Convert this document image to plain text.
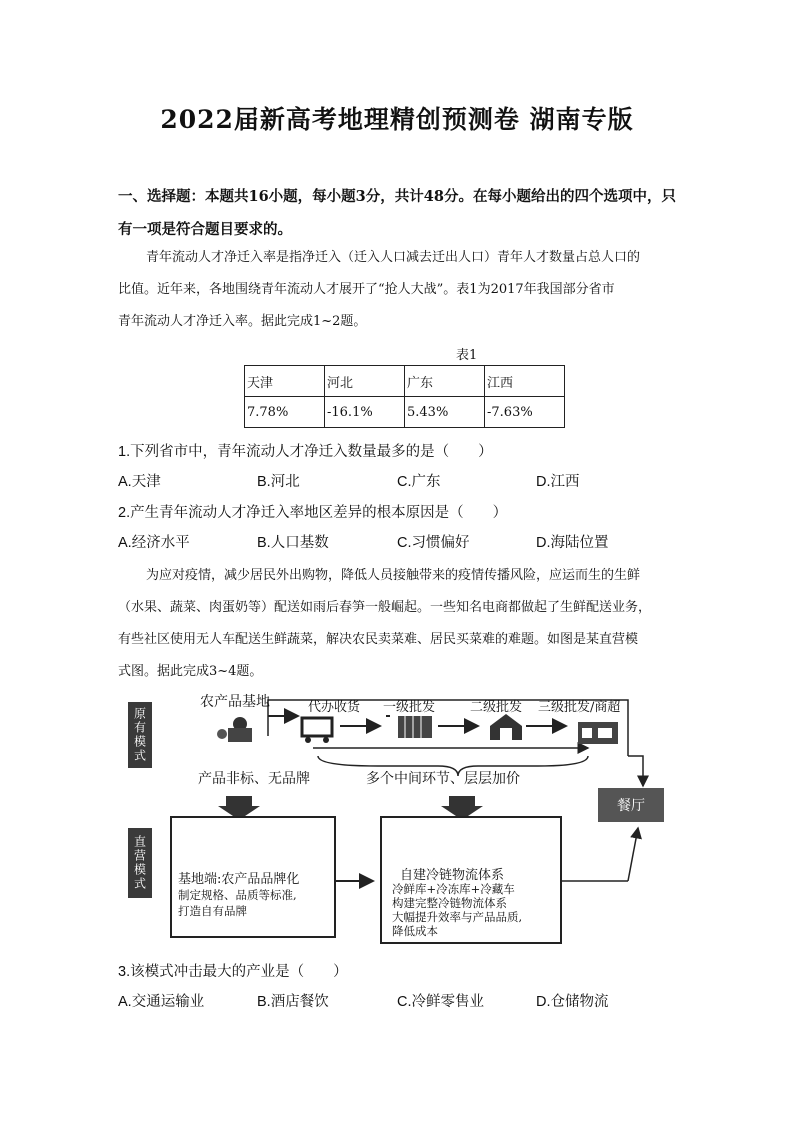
2022届新高考地理精创预测卷 湖南专版
一、选择题：本题共16小题，每小题3分，共计48分。在每小题给出的四个选项中，只
有一项是符合题目要求的。
青年流动人才净迁入率是指净迁入（迁入人口减去迁出人口）青年人才数量占总人口的
比值。近年来，各地围绕青年流动人才展开了“抢人大战”。表1为2017年我国部分省市
青年流动人才净迁入率。据此完成1~2题。
表1
天津	河北	广东	江西
7.78%	-16.1%	5.43%	-7.63%
1.下列省市中，青年流动人才净迁入数量最多的是（　　）
A.天津	B.河北	C.广东	D.江西
2.产生青年流动人才净迁入率地区差异的根本原因是（　　）
A.经济水平	B.人口基数	C.习惯偏好	D.海陆位置
为应对疫情，减少居民外出购物，降低人员接触带来的疫情传播风险，应运而生的生鲜
（水果、蔬菜、肉蛋奶等）配送如雨后春笋一般崛起。一些知名电商都做起了生鲜配送业务，
有些社区使用无人车配送生鲜蔬菜，解决农民卖菜难、居民买菜难的难题。如图是某直营模
式图。据此完成3~4题。
原有模式
直营模式
农产品基地	代办收货 一级批发	二级批发 三级批发/商超
产品非标、无品牌	多个中间环节、层层加价
餐厅
基地端:农产品品牌化
制定规格、品质等标准,
打造自有品牌
自建冷链物流体系
冷鲜库+冷冻库+冷藏车
构建完整冷链物流体系
大幅提升效率与产品品质,
降低成本
3.该模式冲击最大的产业是（　　）
A.交通运输业	B.酒店餐饮	C.冷鲜零售业	D.仓储物流
